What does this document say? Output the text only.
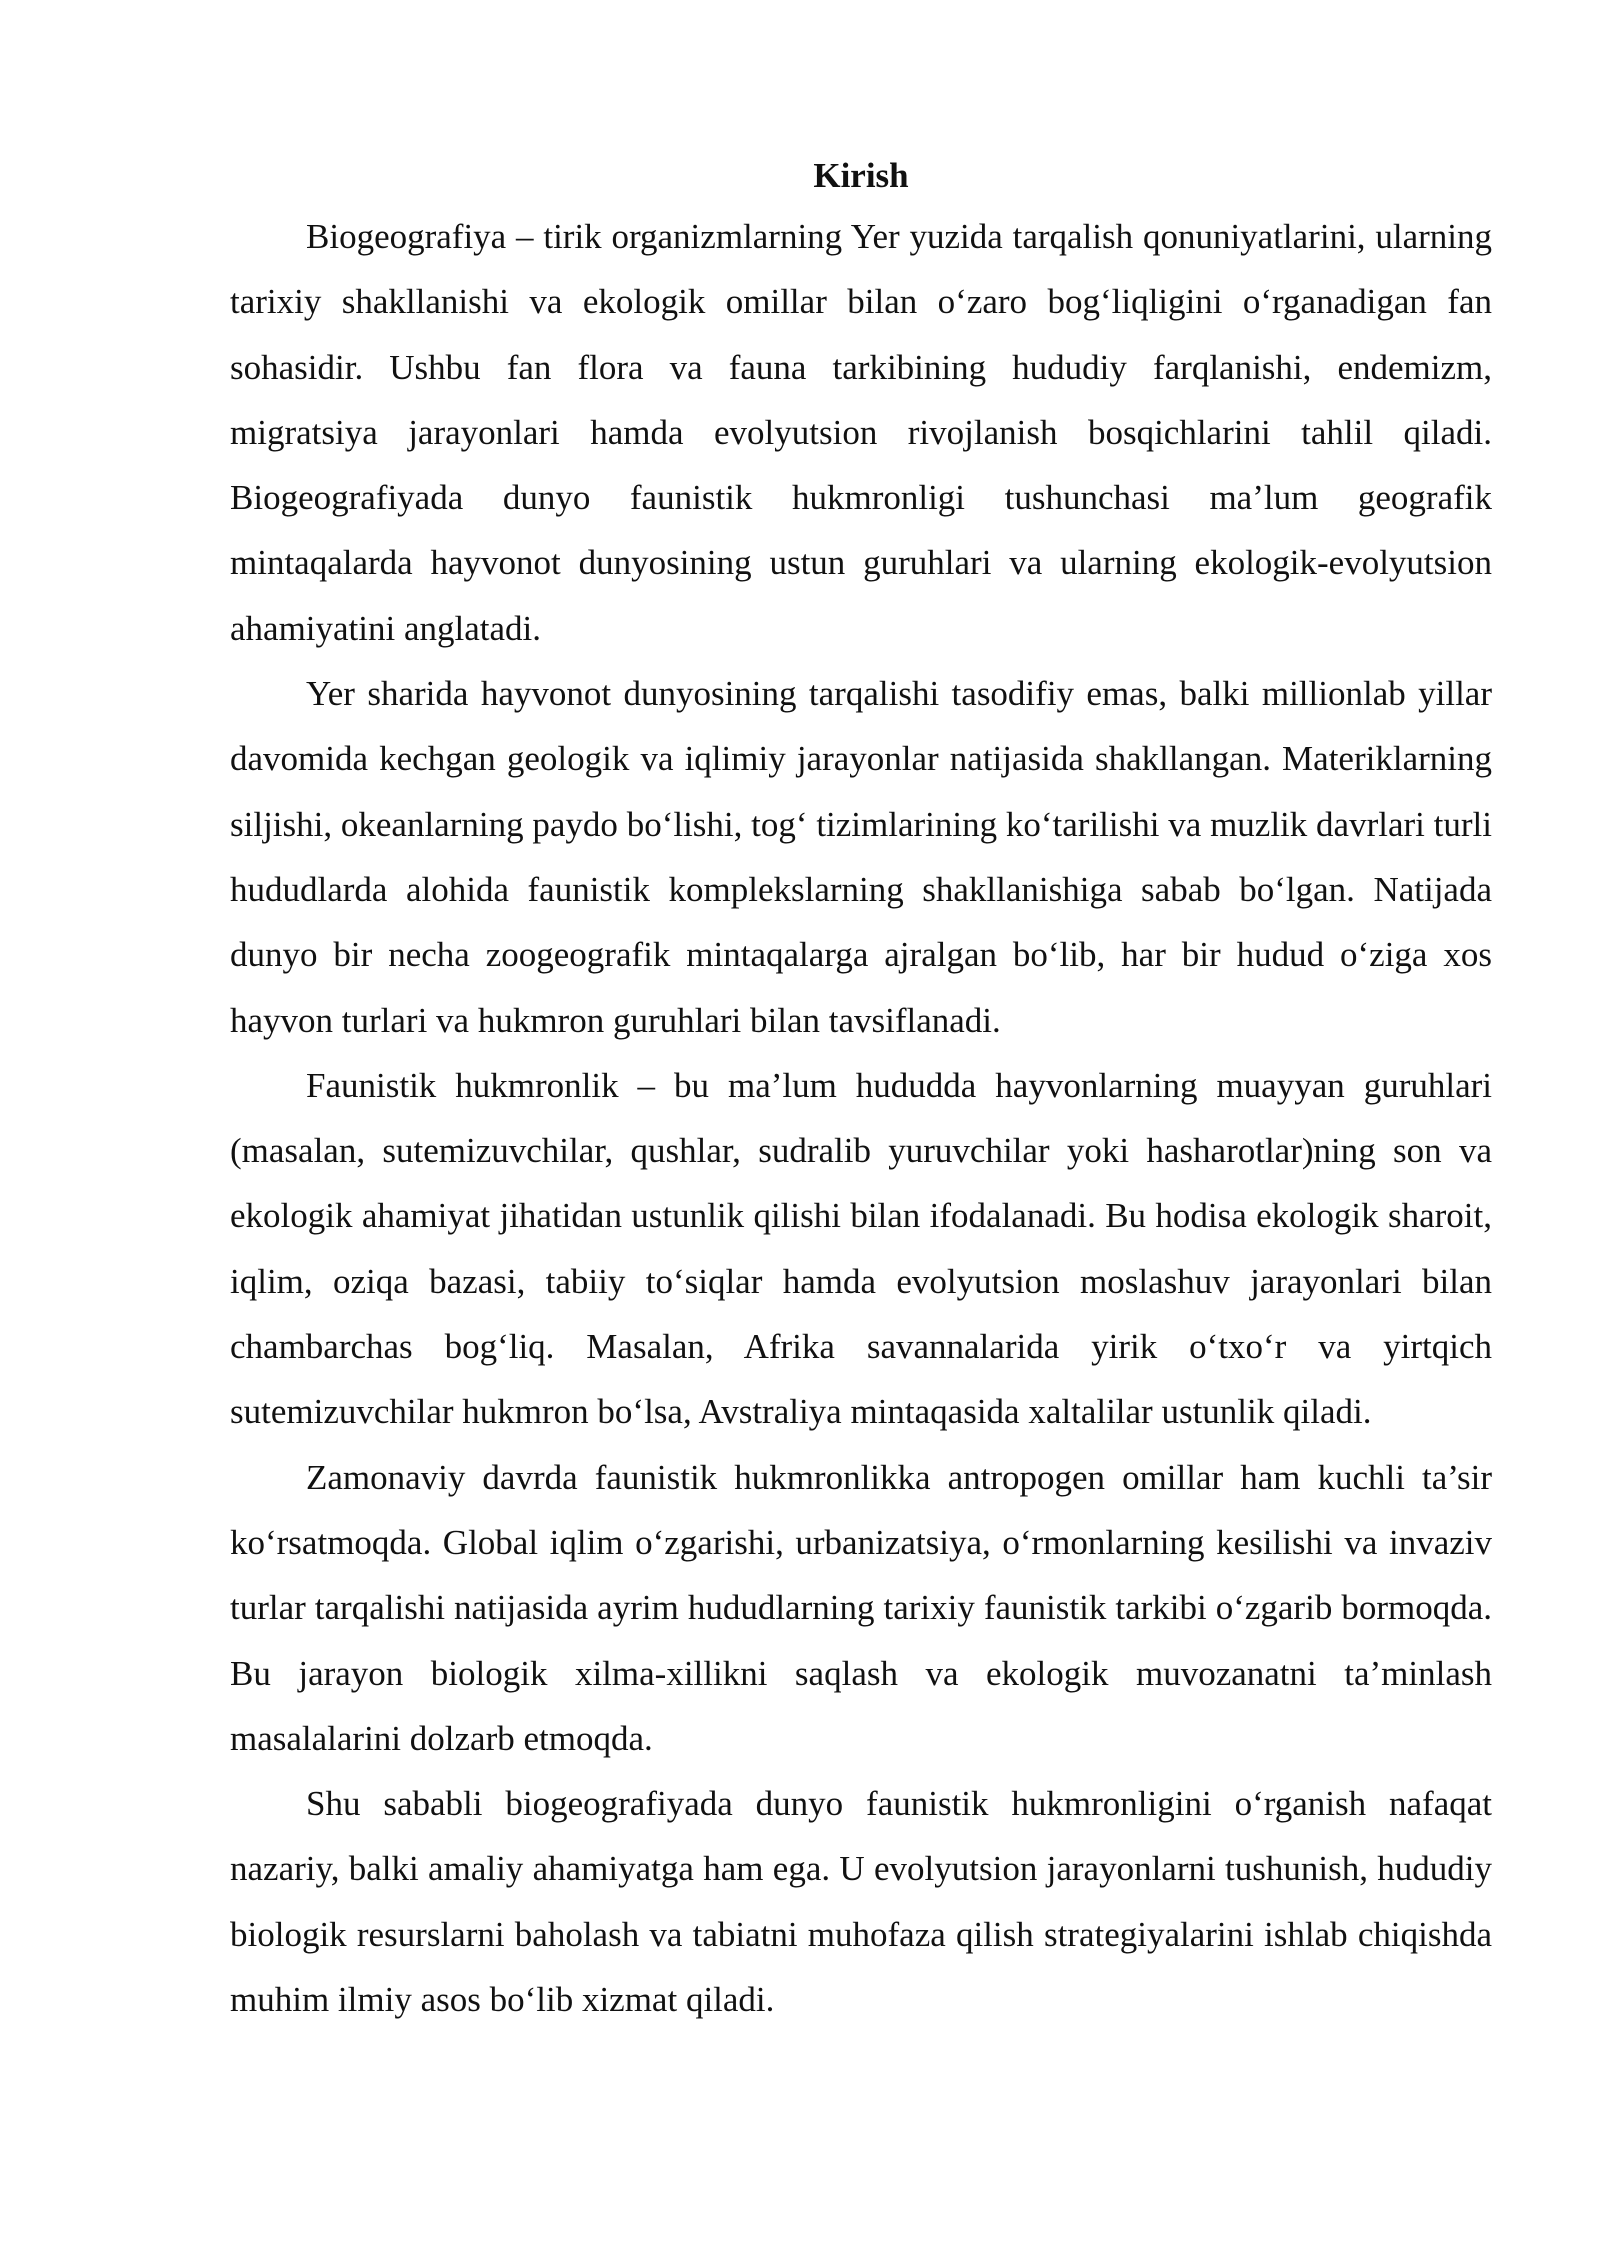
Kirish

Biogeografiya – tirik organizmlarning Yer yuzida tarqalish qonuniyatlarini, ularning tarixiy shakllanishi va ekologik omillar bilan o‘zaro bog‘liqligini o‘rganadigan fan sohasidir. Ushbu fan flora va fauna tarkibining hududiy farqlanishi, endemizm, migratsiya jarayonlari hamda evolyutsion rivojlanish bosqichlarini tahlil qiladi. Biogeografiyada dunyo faunistik hukmronligi tushunchasi ma’lum geografik mintaqalarda hayvonot dunyosining ustun guruhlari va ularning ekologik-evolyutsion ahamiyatini anglatadi.

Yer sharida hayvonot dunyosining tarqalishi tasodifiy emas, balki millionlab yillar davomida kechgan geologik va iqlimiy jarayonlar natijasida shakllangan. Materiklarning siljishi, okeanlarning paydo bo‘lishi, tog‘ tizimlarining ko‘tarilishi va muzlik davrlari turli hududlarda alohida faunistik komplekslarning shakllanishiga sabab bo‘lgan. Natijada dunyo bir necha zoogeografik mintaqalarga ajralgan bo‘lib, har bir hudud o‘ziga xos hayvon turlari va hukmron guruhlari bilan tavsiflanadi.

Faunistik hukmronlik – bu ma’lum hududda hayvonlarning muayyan guruhlari (masalan, sutemizuvchilar, qushlar, sudralib yuruvchilar yoki hasharotlar)ning son va ekologik ahamiyat jihatidan ustunlik qilishi bilan ifodalanadi. Bu hodisa ekologik sharoit, iqlim, oziqa bazasi, tabiiy to‘siqlar hamda evolyutsion moslashuv jarayonlari bilan chambarchas bog‘liq. Masalan, Afrika savannalarida yirik o‘txo‘r va yirtqich sutemizuvchilar hukmron bo‘lsa, Avstraliya mintaqasida xaltalilar ustunlik qiladi.

Zamonaviy davrda faunistik hukmronlikka antropogen omillar ham kuchli ta’sir ko‘rsatmoqda. Global iqlim o‘zgarishi, urbanizatsiya, o‘rmonlarning kesilishi va invaziv turlar tarqalishi natijasida ayrim hududlarning tarixiy faunistik tarkibi o‘zgarib bormoqda. Bu jarayon biologik xilma-xillikni saqlash va ekologik muvozanatni ta’minlash masalalarini dolzarb etmoqda.

Shu sababli biogeografiyada dunyo faunistik hukmronligini o‘rganish nafaqat nazariy, balki amaliy ahamiyatga ham ega. U evolyutsion jarayonlarni tushunish, hududiy biologik resurslarni baholash va tabiatni muhofaza qilish strategiyalarini ishlab chiqishda muhim ilmiy asos bo‘lib xizmat qiladi.
